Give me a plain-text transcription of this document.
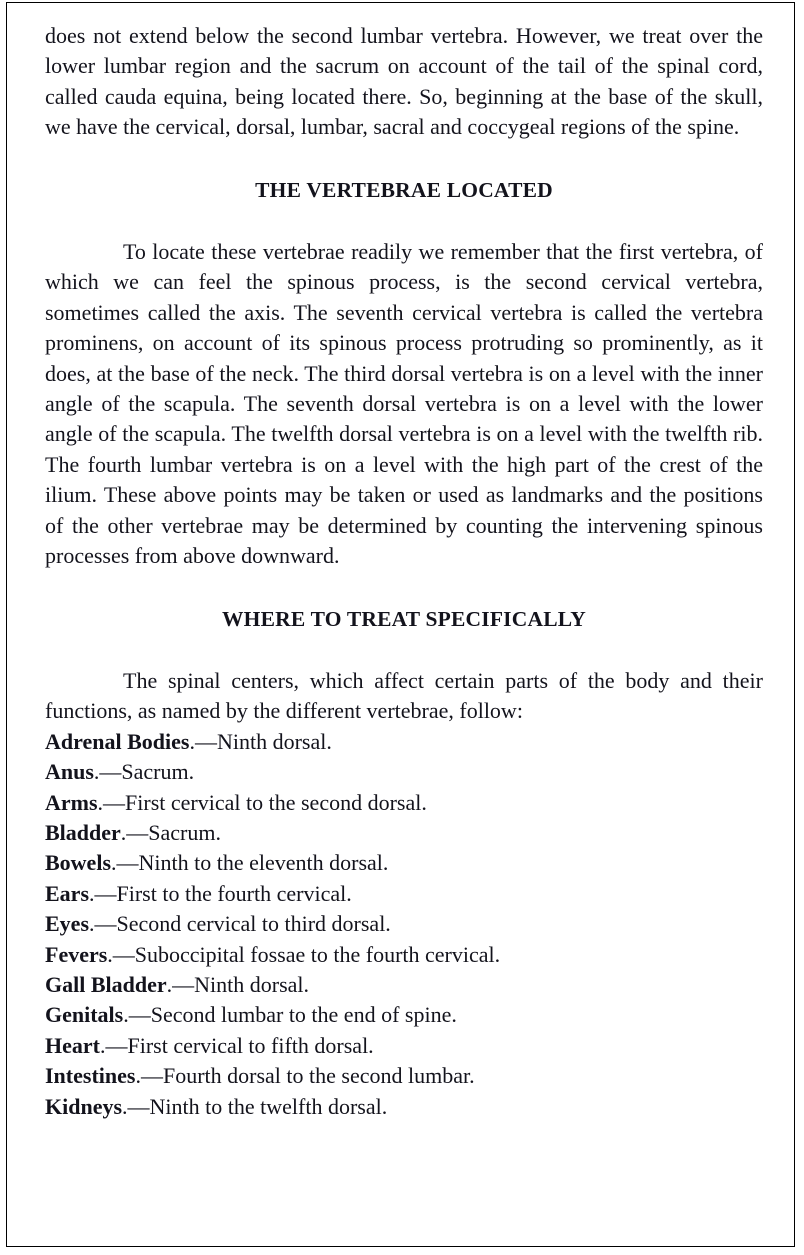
does not extend below the second lumbar vertebra. However, we treat over the lower lumbar region and the sacrum on account of the tail of the spinal cord, called cauda equina, being located there. So, beginning at the base of the skull, we have the cervical, dorsal, lumbar, sacral and coccygeal regions of the spine.

THE VERTEBRAE LOCATED

To locate these vertebrae readily we remember that the first vertebra, of which we can feel the spinous process, is the second cervical vertebra, sometimes called the axis. The seventh cervical vertebra is called the vertebra prominens, on account of its spinous process protruding so prominently, as it does, at the base of the neck. The third dorsal vertebra is on a level with the inner angle of the scapula. The seventh dorsal vertebra is on a level with the lower angle of the scapula. The twelfth dorsal vertebra is on a level with the twelfth rib. The fourth lumbar vertebra is on a level with the high part of the crest of the ilium. These above points may be taken or used as landmarks and the positions of the other vertebrae may be determined by counting the intervening spinous processes from above downward.

WHERE TO TREAT SPECIFICALLY

The spinal centers, which affect certain parts of the body and their functions, as named by the different vertebrae, follow:

Adrenal Bodies.—Ninth dorsal.
Anus.—Sacrum.
Arms.—First cervical to the second dorsal.
Bladder.—Sacrum.
Bowels.—Ninth to the eleventh dorsal.
Ears.—First to the fourth cervical.
Eyes.—Second cervical to third dorsal.
Fevers.—Suboccipital fossae to the fourth cervical.
Gall Bladder.—Ninth dorsal.
Genitals.—Second lumbar to the end of spine.
Heart.—First cervical to fifth dorsal.
Intestines.—Fourth dorsal to the second lumbar.
Kidneys.—Ninth to the twelfth dorsal.
